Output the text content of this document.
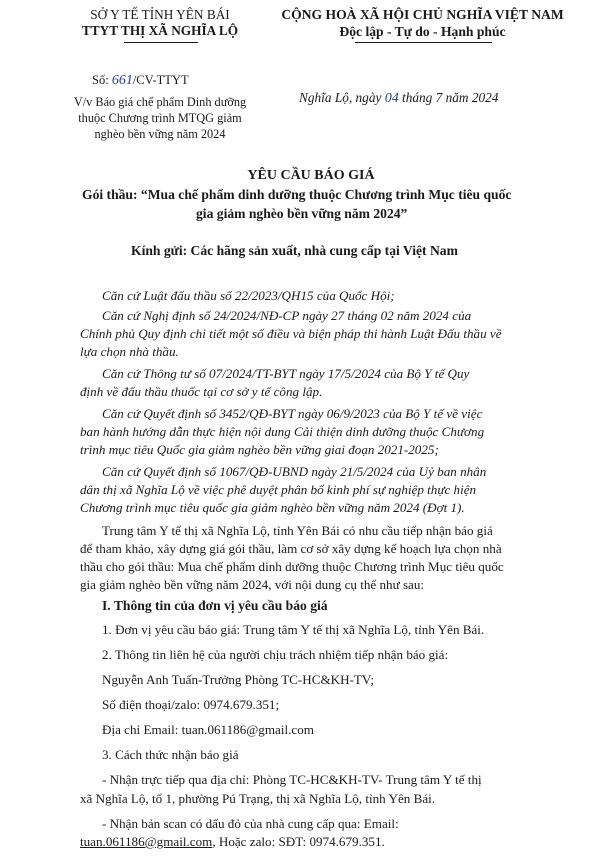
SỞ Y TẾ TỈNH YÊN BÁI
TTYT THỊ XÃ NGHĨA LỘ
Số: 661/CV-TTYT
V/v Báo giá chế phẩm Dinh dưỡng
thuộc Chương trình MTQG giảm
nghèo bền vững năm 2024
CỘNG HOÀ XÃ HỘI CHỦ NGHĨA VIỆT NAM
Độc lập - Tự do - Hạnh phúc
Nghĩa Lộ, ngày 04 tháng 7 năm 2024
YÊU CẦU BÁO GIÁ
Gói thầu: “Mua chế phẩm dinh dưỡng thuộc Chương trình Mục tiêu quốc
gia giảm nghèo bền vững năm 2024”
Kính gửi: Các hãng sản xuất, nhà cung cấp tại Việt Nam
Căn cứ Luật đấu thầu số 22/2023/QH15 của Quốc Hội;
Căn cứ Nghị định số 24/2024/NĐ-CP ngày 27 tháng 02 năm 2024 của
Chính phủ Quy định chi tiết một số điều và biện pháp thi hành Luật Đấu thầu về
lựa chọn nhà thầu.
Căn cứ Thông tư số 07/2024/TT-BYT ngày 17/5/2024 của Bộ Y tế Quy
định về đấu thầu thuốc tại cơ sở y tế công lập.
Căn cứ Quyết định số 3452/QĐ-BYT ngày 06/9/2023 của Bộ Y tế về việc
ban hành hướng dẫn thực hiện nội dung Cải thiện dinh dưỡng thuộc Chương
trình mục tiêu Quốc gia giảm nghèo bền vững giai đoạn 2021-2025;
Căn cứ Quyết định số 1067/QĐ-UBND ngày 21/5/2024 của Uỷ ban nhân
dân thị xã Nghĩa Lộ về việc phê duyệt phân bổ kinh phí sự nghiệp thực hiện
Chương trình mục tiêu quốc gia giảm nghèo bền vững năm 2024 (Đợt 1).
Trung tâm Y tế thị xã Nghĩa Lộ, tỉnh Yên Bái có nhu cầu tiếp nhận báo giá
để tham khảo, xây dựng giá gói thầu, làm cơ sở xây dựng kế hoạch lựa chọn nhà
thầu cho gói thầu: Mua chế phẩm dinh dưỡng thuộc Chương trình Mục tiêu quốc
gia giảm nghèo bền vững năm 2024, với nội dung cụ thể như sau:
I. Thông tin của đơn vị yêu cầu báo giá
1. Đơn vị yêu cầu báo giá: Trung tâm Y tế thị xã Nghĩa Lộ, tỉnh Yên Bái.
2. Thông tin liên hệ của người chịu trách nhiệm tiếp nhận báo giá:
Nguyễn Anh Tuấn-Trưởng Phòng TC-HC&KH-TV;
Số điện thoại/zalo: 0974.679.351;
Địa chỉ Email: tuan.061186@gmail.com
3. Cách thức nhận báo giá
- Nhận trực tiếp qua địa chỉ: Phòng TC-HC&KH-TV- Trung tâm Y tế thị
xã Nghĩa Lộ, tổ 1, phường Pú Trạng, thị xã Nghĩa Lộ, tỉnh Yên Bái.
- Nhận bản scan có dấu đỏ của nhà cung cấp qua: Email:
tuan.061186@gmail.com, Hoặc zalo: SĐT: 0974.679.351.
